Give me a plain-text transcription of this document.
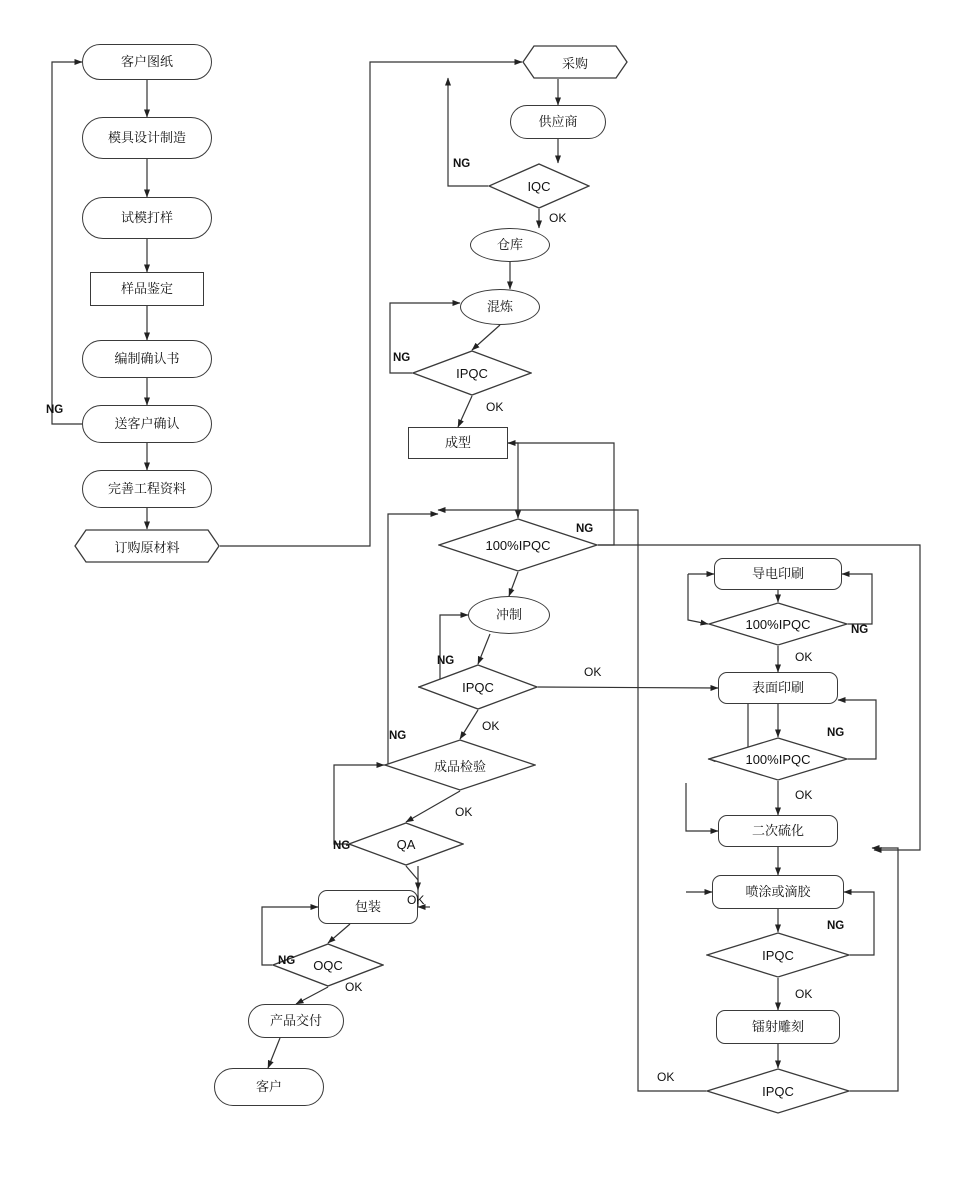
客户图纸
模具设计制造
试模打样
样品鉴定
编制确认书
送客户确认
完善工程资料
订购原材料
采购
供应商
IQC
仓库
混炼
IPQC
成型
100%IPQC
冲制
IPQC
成品检验
QA
包装
OQC
产品交付
客户
导电印刷
100%IPQC
表面印刷
100%IPQC
二次硫化
喷涂或滴胶
IPQC
镭射雕刻
IPQC
NG
NG
OK
NG
OK
NG
NG
OK
OK
NG
OK
NG
OK
NG
OK
NG
OK
NG
OK
NG
OK
OK
